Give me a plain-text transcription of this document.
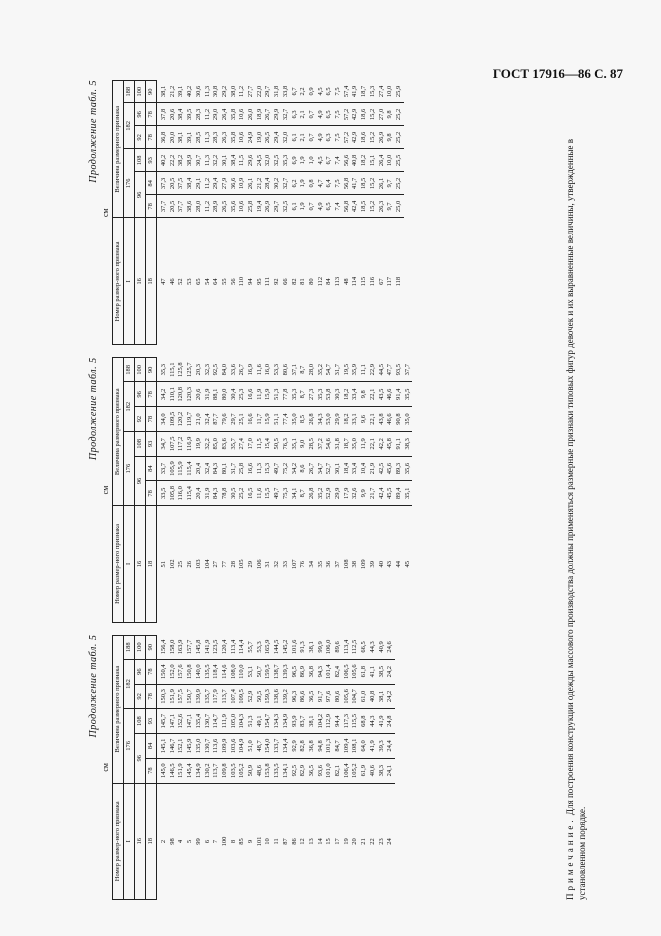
ГОСТ 17916—86 С. 87
Продолжение табл. 5
см
Номер размер-ного признака	Величина размерного признака					
I	176			182		188
16	96		108	92	96	100
18	78	84	93	78	78	90
2	145,0	145,1	145,7	150,3	150,4	156,4
98	146,5	146,7	147,1	151,9	152,0	158,0
4	151,9	152,1	152,6	157,5	157,6	163,9
5	145,4	145,9	147,1	150,7	150,8	157,7
99	134,9	135,0	135,4	139,9	140,0	145,8
6	130,2	130,7	130,7	135,7	135,5	141,9
7	113,7	113,6	114,7	117,9	118,4	123,5
100	109,8	109,9	111,9	113,7	114,6	120,4
8	103,5	103,6	105,0	107,4	108,0	113,4
85	105,2	104,9	104,3	109,5	110,0	114,4
9	50,9	51,0	51,3	52,9	53,1	55,7
101	48,6	48,7	49,1	50,5	50,7	53,3
10	153,8	154,0	154,7	159,3	159,5	165,9
11	133,5	133,7	134,3	138,6	138,7	144,5
87	134,1	134,4	134,9	139,2	139,3	145,2
86	92,5	92,9	93,9	96,3	96,5	101,6
12	82,9	82,8	83,7	86,6	86,9	91,3
13	36,5	36,8	38,1	36,5	36,8	38,1
14	93,6	94,8	104,2	91,7	94,3	99,9
15	101,0	101,3	112,9	97,6	101,4	106,0
17	82,1	84,7	94,4	80,6	82,4	89,6
19	106,4	109,4	117,3	105,6	106,5	113,4
20	105,2	108,1	115,5	104,7	105,6	112,5
21	61,9	64,0	68,8	61,0	61,8	66,5
22	40,6	41,9	44,3	40,8	41,1	44,3
23	38,3	39,3	41,9	38,1	38,5	40,9
24	24,1	24,4	24,8	24,2	24,2	24,6
Продолжение табл. 5
см
Номер размер-ного признака	Величина размерного признака					
I	176			182		188
16	96		108	92	96	100
18	78	84	93	78	78	90
51	33,5	33,7	34,7	34,0	34,2	35,3
102	105,8	105,9	107,5	109,5	110,1	115,1
25	116,0	115,9	117,2	120,2	120,8	125,8
26	115,4	115,4	116,9	119,7	120,3	125,7
103	20,4	20,4	19,9	21,0	20,6	20,3
104	31,9	32,4	32,2	32,4	31,9	32,3
27	84,3	84,3	85,0	87,7	88,1	92,5
77	78,8	80,1	83,6	79,6	80,0	84,0
28	30,5	31,7	35,7	29,7	30,4	33,6
105	25,2	25,8	27,4	25,1	25,3	26,7
29	16,5	16,6	17,0	16,6	16,6	16,9
106	11,6	11,3	11,5	11,7	11,9	11,6
31	15,5	15,3	15,4	15,9	15,9	16,0
32	49,7	49,7	50,5	51,1	51,3	53,3
33	75,3	75,2	76,3	77,4	77,8	80,6
107	34,1	34,2	35,1	35,0	35,3	37,1
76	8,7	8,6	9,0	8,5	8,7	8,7
34	26,8	26,7	28,5	26,8	27,3	28,0
35	35,2	34,7	37,2	34,3	35,3	35,2
36	52,9	52,7	54,6	53,0	53,8	54,7
37	29,9	30,1	31,8	29,9	30,3	31,7
108	17,9	18,4	18,7	18,2	18,2	19,5
38	32,6	33,4	35,0	33,1	33,4	35,9
109	9,9	10,4	11,9	9,6	9,8	11,1
39	21,7	21,9	22,1	22,1	22,1	22,9
40	42,4	42,5	42,2	43,8	43,5	44,5
43	45,5	45,6	45,8	46,6	46,6	47,7
44	89,4	89,3	91,1	90,8	91,4	93,5
45	35,1	35,6	38,3	35,0	35,5	37,7
Продолжение табл. 5
см
Номер размер-ного признака	Величина размерного признака					
I	176			182		188
16	96		108	92	96	100
18	78	84	93	78	78	90
47	37,7	37,3	40,2	36,8	37,8	38,1
46	20,5	20,5	22,2	20,0	20,6	21,2
52	37,7	37,5	38,2	38,1	38,4	39,1
53	38,6	38,4	38,9	39,1	39,5	40,2
65	28,0	29,1	30,7	28,5	28,3	30,6
54	11,2	11,2	11,3	11,3	11,2	11,3
64	28,9	29,4	32,2	28,3	29,0	30,8
55	26,5	27,9	30,1	26,3	26,4	29,2
56	35,6	36,6	38,4	35,8	35,8	38,0
110	10,6	10,9	11,5	10,6	10,6	11,2
94	25,8	26,1	29,6	24,9	26,0	27,7
95	19,4	21,2	24,5	19,0	18,9	22,0
111	26,9	28,4	32,0	26,5	26,7	29,7
92	29,7	30,2	32,5	29,4	29,9	31,8
66	32,5	32,7	35,3	32,0	32,7	33,8
82	6,1	6,2	6,9	6,1	6,3	6,7
81	1,9	1,9	1,9	2,1	2,1	2,2
80	0,7	0,8	1,0	0,7	0,7	0,9
112	4,9	4,7	4,5	4,9	4,9	4,5
84	6,5	6,4	6,7	6,3	6,5	6,5
113	7,4	7,5	7,4	7,5	7,5	7,5
48	56,8	56,8	56,6	57,2	57,2	57,4
114	42,4	41,7	40,8	42,9	42,9	41,9
115	18,5	18,5	18,2	18,6	18,6	18,7
116	15,2	15,2	15,1	15,2	15,2	15,3
67	26,3	26,1	26,4	26,9	27,0	27,4
117	9,7	9,7	10,0	9,8	9,8	10,0
118	25,0	25,2	25,5	25,2	25,2	25,9
Примечание. Для построения конструкции одежды массового производства должны применяться размерные признаки типовых фигур девочек и их выравненные величины, утвержденные в установленном порядке.
